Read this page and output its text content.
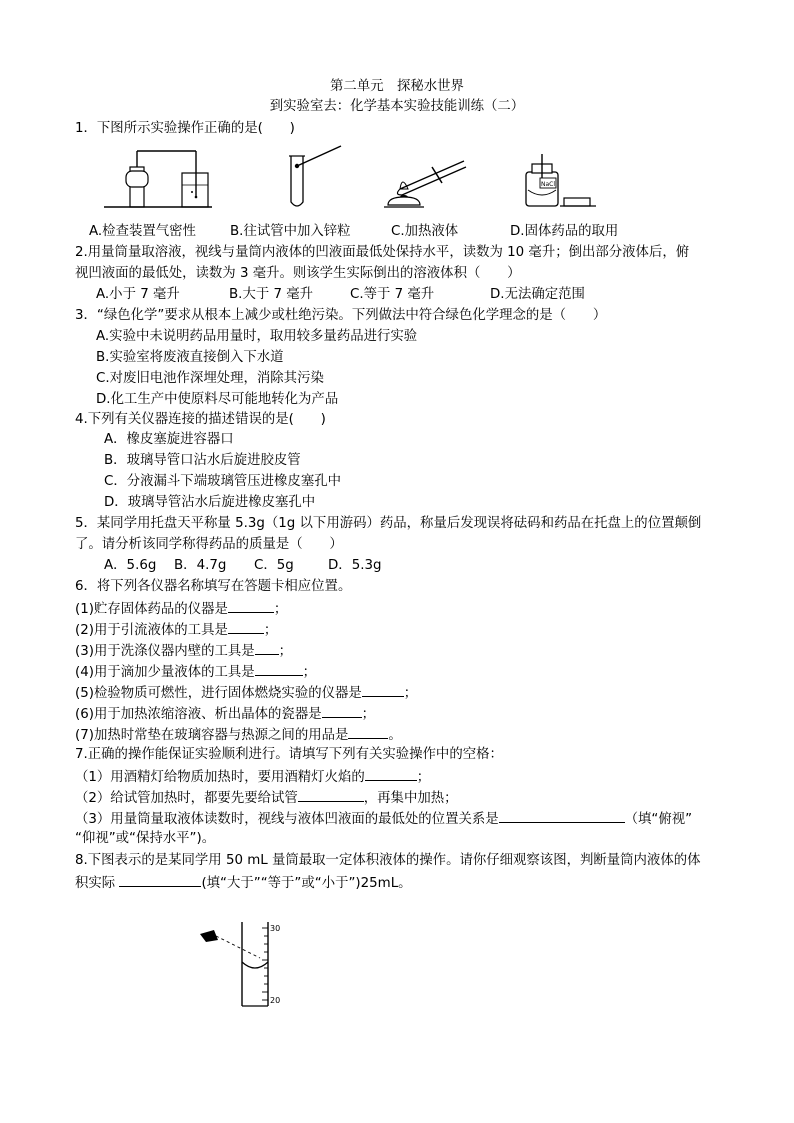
第二单元　探秘水世界
到实验室去：化学基本实验技能训练（二）
1．下图所示实验操作正确的是(　　)
NaCl
A.检查装置气密性	B.往试管中加入锌粒	C.加热液体	D.固体药品的取用
2.用量筒量取溶液，视线与量筒内液体的凹液面最低处保持水平，读数为 10 毫升；倒出部分液体后，俯
视凹液面的最低处，读数为 3 毫升。则该学生实际倒出的溶液体积（　　）
A.小于 7 毫升	B.大于 7 毫升	C.等于 7 毫升	D.无法确定范围
3．“绿色化学”要求从根本上减少或杜绝污染。下列做法中符合绿色化学理念的是（　　）
A.实验中未说明药品用量时，取用较多量药品进行实验
B.实验室将废液直接倒入下水道
C.对废旧电池作深埋处理，消除其污染
D.化工生产中使原料尽可能地转化为产品
4.下列有关仪器连接的描述错误的是(　　)
A．橡皮塞旋进容器口
B．玻璃导管口沾水后旋进胶皮管
C．分液漏斗下端玻璃管压进橡皮塞孔中
D．玻璃导管沾水后旋进橡皮塞孔中
5．某同学用托盘天平称量 5.3g（1g 以下用游码）药品，称量后发现误将砝码和药品在托盘上的位置颠倒
了。请分析该同学称得药品的质量是（　　）
A．5.6g B．4.7g C．5g	D．5.3g
6．将下列各仪器名称填写在答题卡相应位置。
(1)贮存固体药品的仪器是	；
(2)用于引流液体的工具是	；
(3)用于洗涤仪器内壁的工具是 ；
(4)用于滴加少量液体的工具是	；
(5)检验物质可燃性，进行固体燃烧实验的仪器是	；
(6)用于加热浓缩溶液、析出晶体的瓷器是	；
(7)加热时常垫在玻璃容器与热源之间的用品是	。
7.正确的操作能保证实验顺利进行。请填写下列有关实验操作中的空格：
（1）用酒精灯给物质加热时，要用酒精灯火焰的	；
（2）给试管加热时，都要先要给试管	，再集中加热；
（3）用量筒量取液体读数时，视线与液体凹液面的最低处的位置关系是	（填“俯视”
“仰视”或“保持水平”)。
8.下图表示的是某同学用 50 mL 量筒最取一定体积液体的操作。请你仔细观察该图，判断量筒内液体的体
积实际	(填“大于”“等于”或“小于”)25mL。
30
20
